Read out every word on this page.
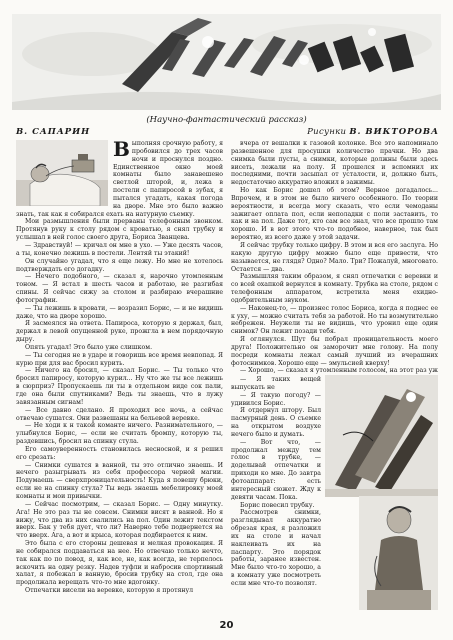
(Научно-фантастический рассказ)
В. САПАРИН	Рисунки В. ВИКТОРОВА
В ыполняя срочную работу, я пробовился до трех часов ночи и проснулся поздно. Единственное окно моей комнаты было занавешено светлой шторой, и, лежа в постели с папиросой в зубах, я пытался угадать, какая погода на дворе. Мне это было важно знать, так как я собирался ехать на натурную съемку.

Мои размышления были прерваны телефонным звонком. Протянув руку к столу рядом с кроватью, я снял трубку и услышал в ней голос своего друга, Бориса Званцева.

— Здравствуй! — кричал он мне в ухо. — Уже десять часов, а ты, конечно лежишь в постели. Лентяй ты этакий!

Он случайно угадал, что я еще лежу. Но мне не хотелось подтверждать его догадку.

— Нечего подобного, — сказал я, нарочно утомленным тоном. — Я встал в шесть часов и работаю, не разгибая спины. Я сейчас сижу за столом и разбираю вчерашние фотографии.

— Ты лежишь в кровати, — возразил Борис, — и не видишь даже, что на дворе хорошо.

Я засмеялся на ответа. Папироса, которую я держал, был, держал в левой опущенной руке, прожгла в нем порядочную дыру.

Опять угадал! Это было уже слишком.

— Ты сегодня не в ударе и говоришь все время невпопад. Я курю при для вас бросил курить.

— Ничего на бросил, — сказал Борис. — Ты только что бросил папиросу, которую курил... Ну что же ты все лежишь в сюрприз? Пропускаешь ли ты в отдельном виде сок пали, где она были спутниками? Ведь ты знаешь, что в лужу завязанным сигнам!

— Все давно сделано. Я проходил все ночь, а сейчас отвечаю сушатся. Они развешаны на бельевой веревке.

— Не ходи к н такой команте ничего. Разнимательного, — улыбнулся Борис, — если не считать бромпу, которую ты, раздевшись, бросил на спинку стула.

Его самоуверенность становилась несносной, и я решил его срезать:

— Снимки сушатся в ванной, ты это отлично знаешь. И нечего разыгрывать из себя профессора черной магии. Подумаешь — сверхпроницательность! Куда я повешу брюки, если не на спинку стула? Ты ведь знаешь мебелировку моей комнаты и мои привычки.

— Сейчас посмотрим, — сказал Борис. — Одну минутку. Ага! Не это раз ты не совсем. Снимки висят в ванной. Но я вижу, что два из них свалились на пол. Один лежит текстом вверх. Бак у тебя дует, что ли? Наверно тебе подвернется на что вверх. Ага, а вот и крыса, которая подбирается к ним.

Это была с его стороны дешевая и мелкая провокация. Я не собирался поддаваться на нее. Но отвечаю только нечто, так как по по повод, я, как все, не, как всегда, не терпелось вскочить на одну резку. Надев туфли и набросив спортивный халат, я побежал в ванную, бросив трубку на стол, где она продолжала верещать что-то мне вдогонку.

Отпечатки висели на веревке, которую я протянул

вчера от вешалки к газовой колонке. Все это напоминало развешенное для просушки количество прачки. Но два снимка были пусты, а снимки, которые должны были здесь висеть, лежали на полу. Я прошелся и вспомнил их последними, почти засыпал от усталости, и, должно быть, недостаточно аккуратно вложил в зажимы.

Но как Борис дошел об этом? Верное догадалось... Впрочем, и в этом не было ничего особенного. По теории вероятности, и всегда могу сказать, что если чемоданы зажигает оплата пол, если неполадки с поли заставить, то как и на пол. Даже тот, кто сам все знал, что все прошло там хорошо. И в вот этого что-то подобное, наверное, так был вероятно, из всего даже у этой задачи.

Я сейчас трубку только цифру. В этом и вся его заслуга. Но какую другую цифру можно было еще привести, что называется, не глядя? Одно? Мало. Три? Пожалуй, многовато. Остается — два.

Размышляя таким образом, я снял отпечатки с веревки и со всей охапкой вернулся в комнату. Трубка на столе, рядом с телефонным аппаратом, встретила меня ехидно-одобрительным звуком.

— Наконец-то, — произнес голос Бориса, когда я поднес ее к уху, — можно считать тебя за работой. Но ты возмутительно небрежен. Неужели ты не видишь, что уронил еще один снимок? Он лежит позади тебя.

Я оглянулся. Шут бы побрал проницательность моего друга! Положительно он заморочит мне голову. На полу посреди комнаты лежал самый лучший из вчерашних фотоснимков. Хорошо еще — эмульсией кверху!

— Хорошо, — сказал я утомленным голосом, на этот раз уж

— Я таких вещей выпускать не

— Я такую погоду? — удивился Борис.

Я отдернул штору. Был пасмурный день. О съемке на открытом воздухе нечего было и думать.

— Вот что, — продолжал между тем голос в трубке, — доделывай отпечатки и приходи ко мне. До завтра фотоаппарат: есть интересный сюжет. Жду к девяти часам. Пока.

Борис повесил трубку.

Рассмотрев снимки, разглядывал аккуратно обрезая края, я разложил их на столе и начал наклеивать их на паспарту. Это порядок работы, заранее известен. Мне было что-то хорошо, а в комнату уже посмотреть если мне что-то позволят.

20
